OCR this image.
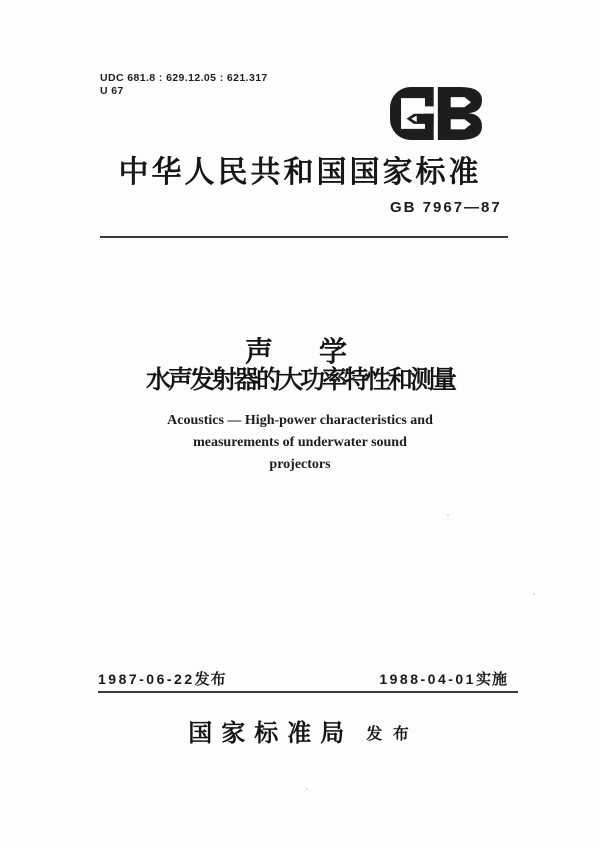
UDC 681.8 : 629.12.05 : 621.317
U 67
中华人民共和国国家标准
GB 7967—87
声 学
水声发射器的大功率特性和测量
Acoustics — High-power characteristics and
measurements of underwater sound
projectors
1987-06-22发布	1988-04-01实施
国家标准局 发 布
